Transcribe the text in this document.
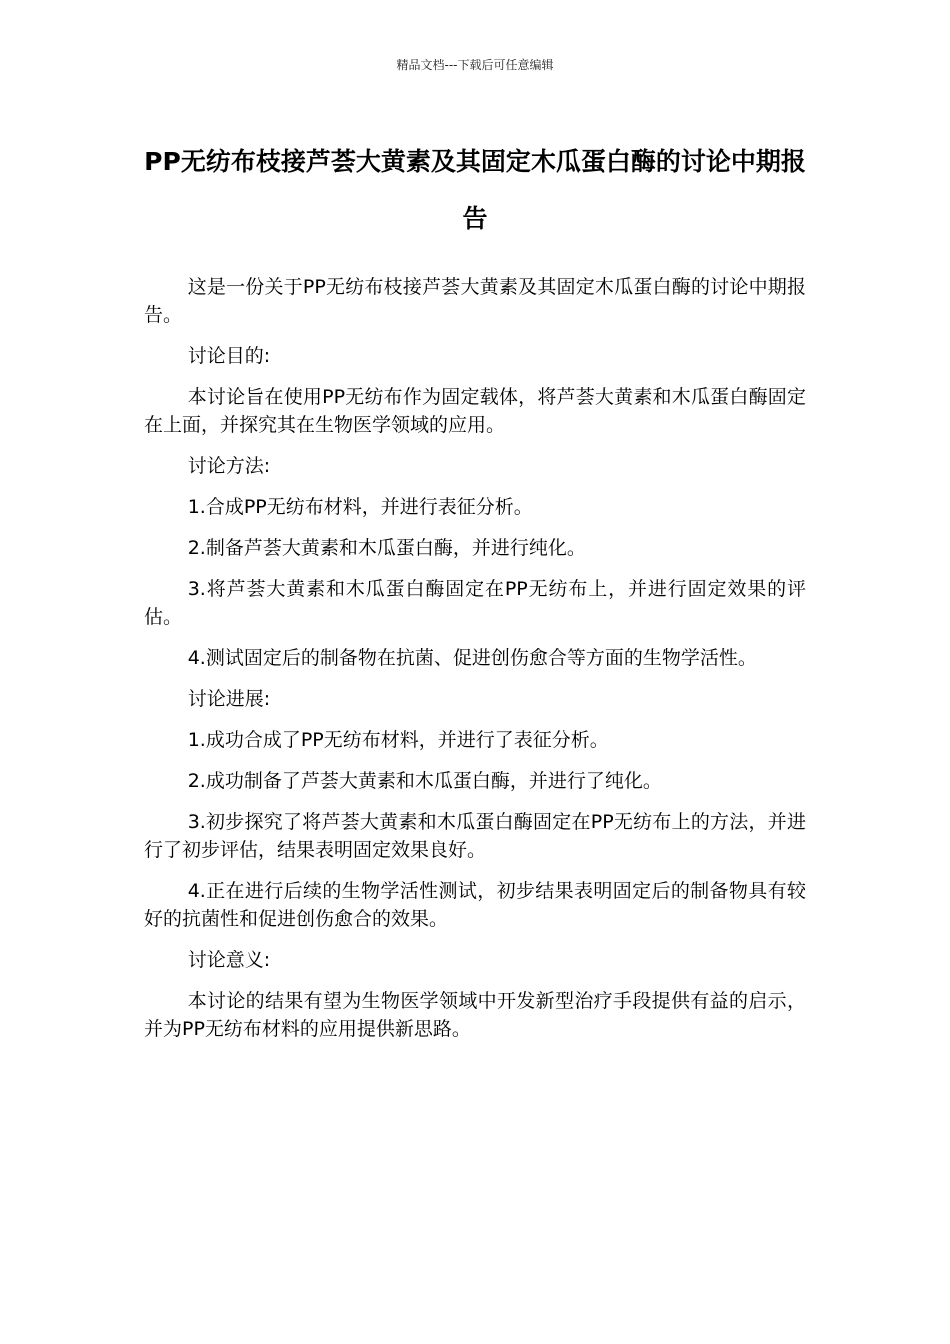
精品文档---下载后可任意编辑
PP无纺布枝接芦荟大黄素及其固定木瓜蛋白酶的讨论中期报告

这是一份关于PP无纺布枝接芦荟大黄素及其固定木瓜蛋白酶的讨论中期报告。

讨论目的:

本讨论旨在使用PP无纺布作为固定载体，将芦荟大黄素和木瓜蛋白酶固定在上面，并探究其在生物医学领域的应用。

讨论方法:

1.合成PP无纺布材料，并进行表征分析。

2.制备芦荟大黄素和木瓜蛋白酶，并进行纯化。

3.将芦荟大黄素和木瓜蛋白酶固定在PP无纺布上，并进行固定效果的评估。

4.测试固定后的制备物在抗菌、促进创伤愈合等方面的生物学活性。

讨论进展:

1.成功合成了PP无纺布材料，并进行了表征分析。

2.成功制备了芦荟大黄素和木瓜蛋白酶，并进行了纯化。

3.初步探究了将芦荟大黄素和木瓜蛋白酶固定在PP无纺布上的方法，并进行了初步评估，结果表明固定效果良好。

4.正在进行后续的生物学活性测试，初步结果表明固定后的制备物具有较好的抗菌性和促进创伤愈合的效果。

讨论意义:

本讨论的结果有望为生物医学领域中开发新型治疗手段提供有益的启示，并为PP无纺布材料的应用提供新思路。
